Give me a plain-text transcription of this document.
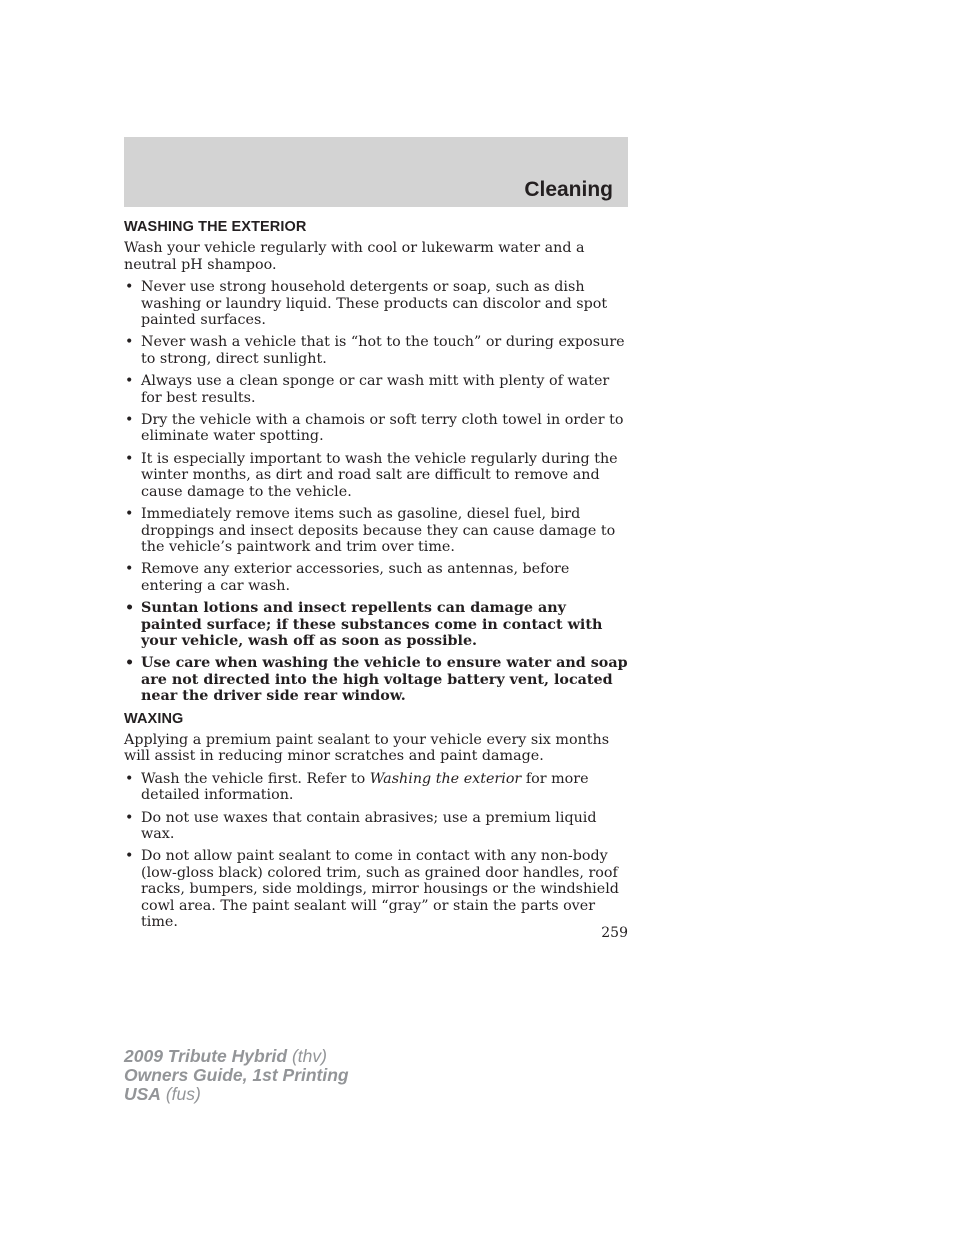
Cleaning
WASHING THE EXTERIOR

Wash your vehicle regularly with cool or lukewarm water and a neutral pH shampoo.

• Never use strong household detergents or soap, such as dish washing or laundry liquid. These products can discolor and spot painted surfaces.
• Never wash a vehicle that is “hot to the touch” or during exposure to strong, direct sunlight.
• Always use a clean sponge or car wash mitt with plenty of water for best results.
• Dry the vehicle with a chamois or soft terry cloth towel in order to eliminate water spotting.
• It is especially important to wash the vehicle regularly during the winter months, as dirt and road salt are difficult to remove and cause damage to the vehicle.
• Immediately remove items such as gasoline, diesel fuel, bird droppings and insect deposits because they can cause damage to the vehicle’s paintwork and trim over time.
• Remove any exterior accessories, such as antennas, before entering a car wash.
• Suntan lotions and insect repellents can damage any painted surface; if these substances come in contact with your vehicle, wash off as soon as possible.
• Use care when washing the vehicle to ensure water and soap are not directed into the high voltage battery vent, located near the driver side rear window.
WAXING

Applying a premium paint sealant to your vehicle every six months will assist in reducing minor scratches and paint damage.

• Wash the vehicle first. Refer to Washing the exterior for more detailed information.
• Do not use waxes that contain abrasives; use a premium liquid wax.
• Do not allow paint sealant to come in contact with any non-body (low-gloss black) colored trim, such as grained door handles, roof racks, bumpers, side moldings, mirror housings or the windshield cowl area. The paint sealant will “gray” or stain the parts over time.
259
2009 Tribute Hybrid (thv)
Owners Guide, 1st Printing
USA (fus)
